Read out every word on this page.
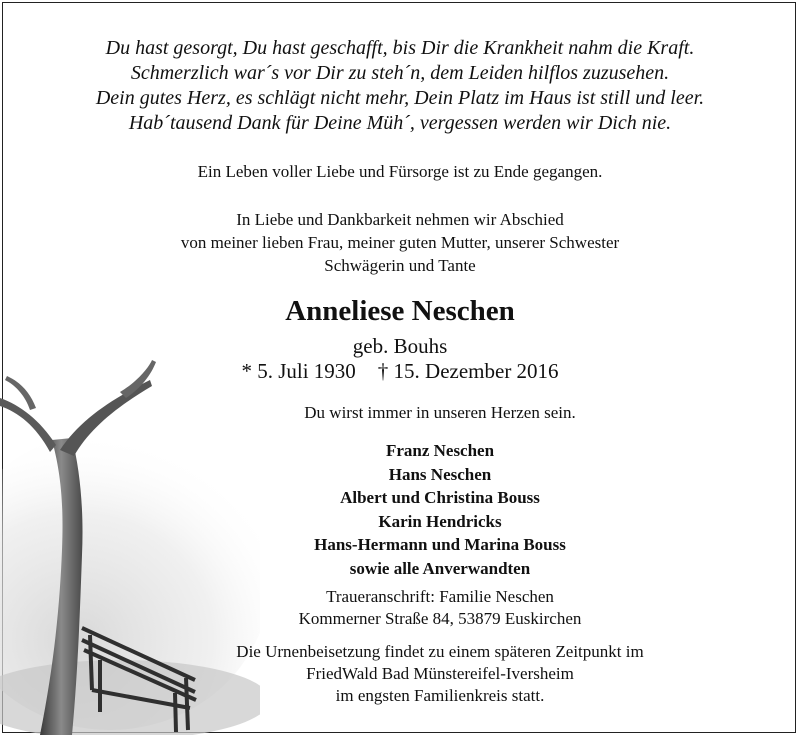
Du hast gesorgt, Du hast geschafft, bis Dir die Krankheit nahm die Kraft.
Schmerzlich war´s vor Dir zu steh´n, dem Leiden hilflos zuzusehen.
Dein gutes Herz, es schlägt nicht mehr, Dein Platz im Haus ist still und leer.
Hab´tausend Dank für Deine Müh´, vergessen werden wir Dich nie.
Ein Leben voller Liebe und Fürsorge ist zu Ende gegangen.
In Liebe und Dankbarkeit nehmen wir Abschied
von meiner lieben Frau, meiner guten Mutter, unserer Schwester
Schwägerin und Tante
Anneliese Neschen
geb. Bouhs
* 5. Juli 1930 † 15. Dezember 2016
Du wirst immer in unseren Herzen sein.
Franz Neschen
Hans Neschen
Albert und Christina Bouss
Karin Hendricks
Hans-Hermann und Marina Bouss
sowie alle Anverwandten
Traueranschrift: Familie Neschen
Kommerner Straße 84, 53879 Euskirchen
Die Urnenbeisetzung findet zu einem späteren Zeitpunkt im
FriedWald Bad Münstereifel-Iversheim
im engsten Familienkreis statt.
